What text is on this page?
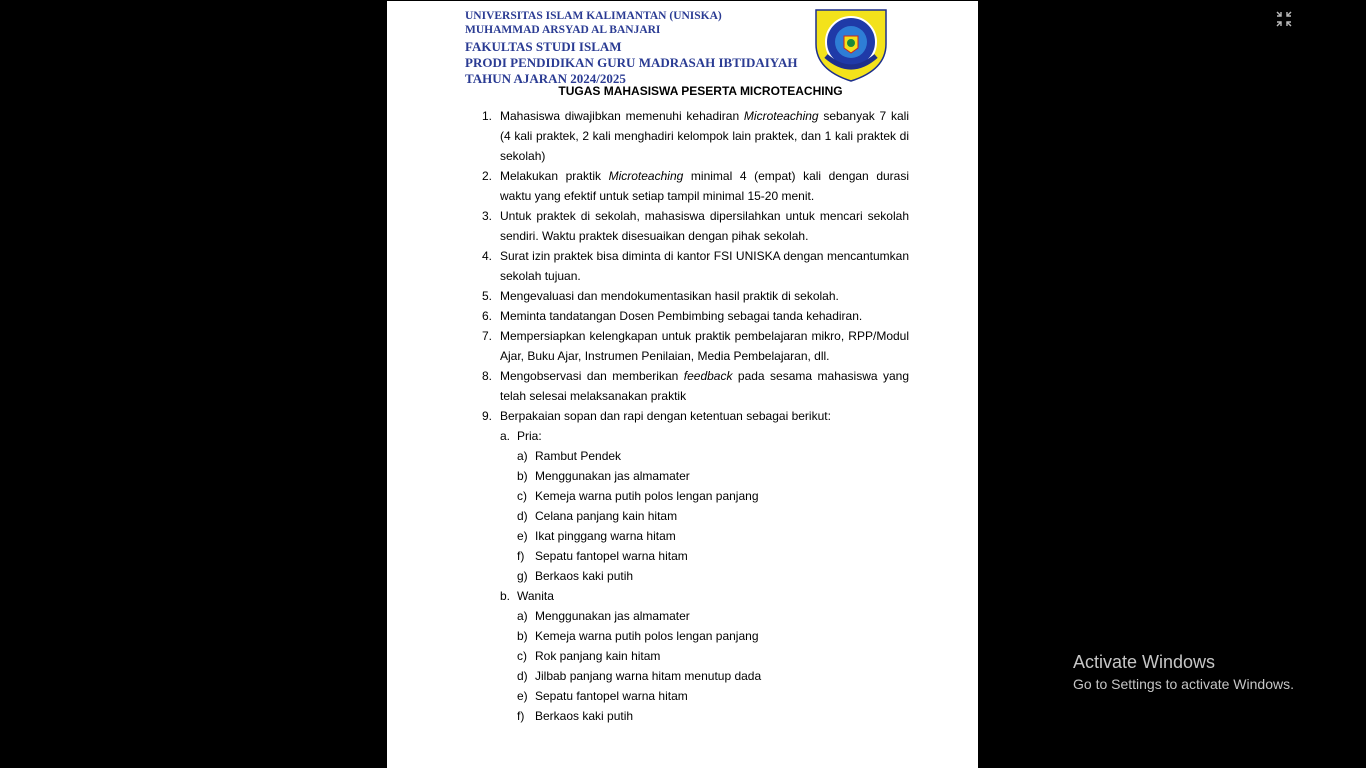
UNIVERSITAS ISLAM KALIMANTAN (UNISKA)
MUHAMMAD ARSYAD AL BANJARI
FAKULTAS STUDI ISLAM
PRODI PENDIDIKAN GURU MADRASAH IBTIDAIYAH
TAHUN AJARAN 2024/2025
TUGAS MAHASISWA PESERTA MICROTEACHING
1. Mahasiswa diwajibkan memenuhi kehadiran Microteaching sebanyak 7 kali (4 kali praktek, 2 kali menghadiri kelompok lain praktek, dan 1 kali praktek di sekolah)
2. Melakukan praktik Microteaching minimal 4 (empat) kali dengan durasi waktu yang efektif untuk setiap tampil minimal 15-20 menit.
3. Untuk praktek di sekolah, mahasiswa dipersilahkan untuk mencari sekolah sendiri. Waktu praktek disesuaikan dengan pihak sekolah.
4. Surat izin praktek bisa diminta di kantor FSI UNISKA dengan mencantumkan sekolah tujuan.
5. Mengevaluasi dan mendokumentasikan hasil praktik di sekolah.
6. Meminta tandatangan Dosen Pembimbing sebagai tanda kehadiran.
7. Mempersiapkan kelengkapan untuk praktik pembelajaran mikro, RPP/Modul Ajar, Buku Ajar, Instrumen Penilaian, Media Pembelajaran, dll.
8. Mengobservasi dan memberikan feedback pada sesama mahasiswa yang telah selesai melaksanakan praktik
9. Berpakaian sopan dan rapi dengan ketentuan sebagai berikut:
a. Pria:
a) Rambut Pendek
b) Menggunakan jas almamater
c) Kemeja warna putih polos lengan panjang
d) Celana panjang kain hitam
e) Ikat pinggang warna hitam
f) Sepatu fantopel warna hitam
g) Berkaos kaki putih
b. Wanita
a) Menggunakan jas almamater
b) Kemeja warna putih polos lengan panjang
c) Rok panjang kain hitam
d) Jilbab panjang warna hitam menutup dada
e) Sepatu fantopel warna hitam
f) Berkaos kaki putih
Activate Windows
Go to Settings to activate Windows.
